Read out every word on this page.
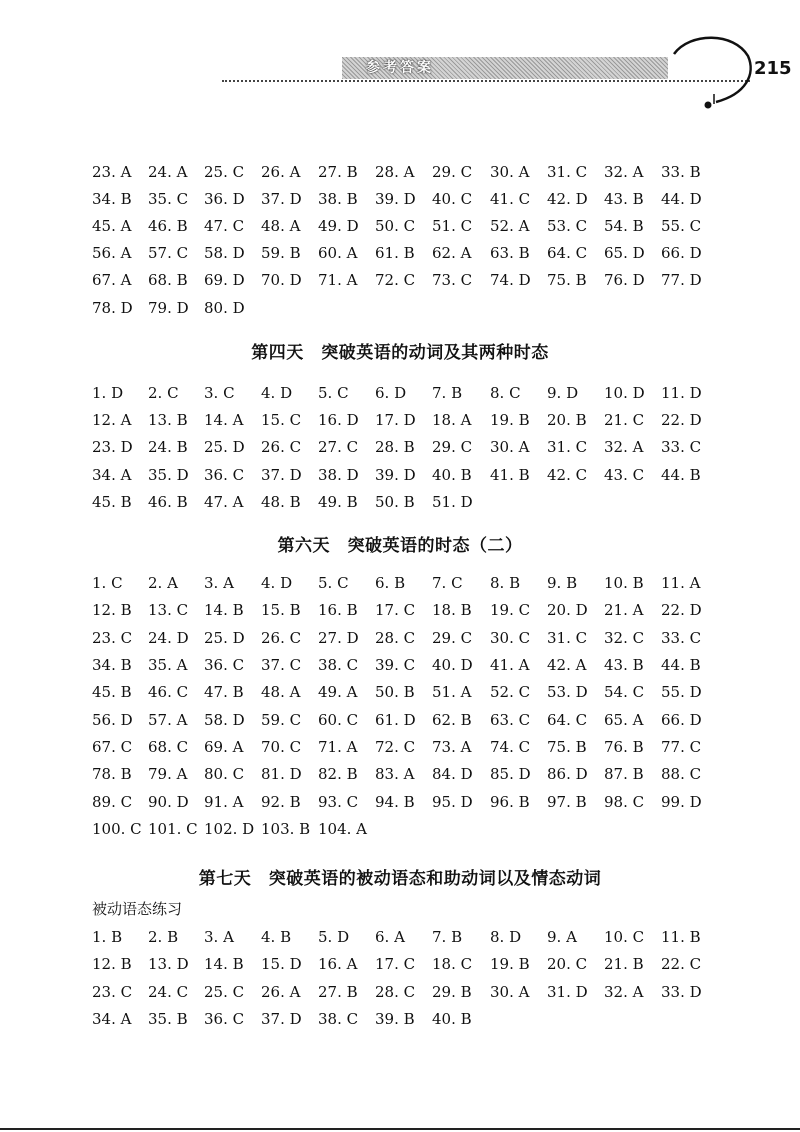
参考答案	215
23. A 24. A 25. C 26. A 27. B 28. A 29. C 30. A 31. C 32. A 33. B
34. B 35. C 36. D 37. D 38. B 39. D 40. C 41. C 42. D 43. B 44. D
45. A 46. B 47. C 48. A 49. D 50. C 51. C 52. A 53. C 54. B 55. C
56. A 57. C 58. D 59. B 60. A 61. B 62. A 63. B 64. C 65. D 66. D
67. A 68. B 69. D 70. D 71. A 72. C 73. C 74. D 75. B 76. D 77. D
78. D 79. D 80. D
第四天　突破英语的动词及其两种时态
1. D 2. C 3. C 4. D 5. C 6. D 7. B 8. C 9. D 10. D 11. D
12. A 13. B 14. A 15. C 16. D 17. D 18. A 19. B 20. B 21. C 22. D
23. D 24. B 25. D 26. C 27. C 28. B 29. C 30. A 31. C 32. A 33. C
34. A 35. D 36. C 37. D 38. D 39. D 40. B 41. B 42. C 43. C 44. B
45. B 46. B 47. A 48. B 49. B 50. B 51. D
第六天　突破英语的时态（二）
1. C 2. A 3. A 4. D 5. C 6. B 7. C 8. B 9. B 10. B 11. A
12. B 13. C 14. B 15. B 16. B 17. C 18. B 19. C 20. D 21. A 22. D
23. C 24. D 25. D 26. C 27. D 28. C 29. C 30. C 31. C 32. C 33. C
34. B 35. A 36. C 37. C 38. C 39. C 40. D 41. A 42. A 43. B 44. B
45. B 46. C 47. B 48. A 49. A 50. B 51. A 52. C 53. D 54. C 55. D
56. D 57. A 58. D 59. C 60. C 61. D 62. B 63. C 64. C 65. A 66. D
67. C 68. C 69. A 70. C 71. A 72. C 73. A 74. C 75. B 76. B 77. C
78. B 79. A 80. C 81. D 82. B 83. A 84. D 85. D 86. D 87. B 88. C
89. C 90. D 91. A 92. B 93. C 94. B 95. D 96. B 97. B 98. C 99. D
100. C 101. C 102. D 103. B 104. A
第七天　突破英语的被动语态和助动词以及情态动词
被动语态练习
1. B 2. B 3. A 4. B 5. D 6. A 7. B 8. D 9. A 10. C 11. B
12. B 13. D 14. B 15. D 16. A 17. C 18. C 19. B 20. C 21. B 22. C
23. C 24. C 25. C 26. A 27. B 28. C 29. B 30. A 31. D 32. A 33. D
34. A 35. B 36. C 37. D 38. C 39. B 40. B
